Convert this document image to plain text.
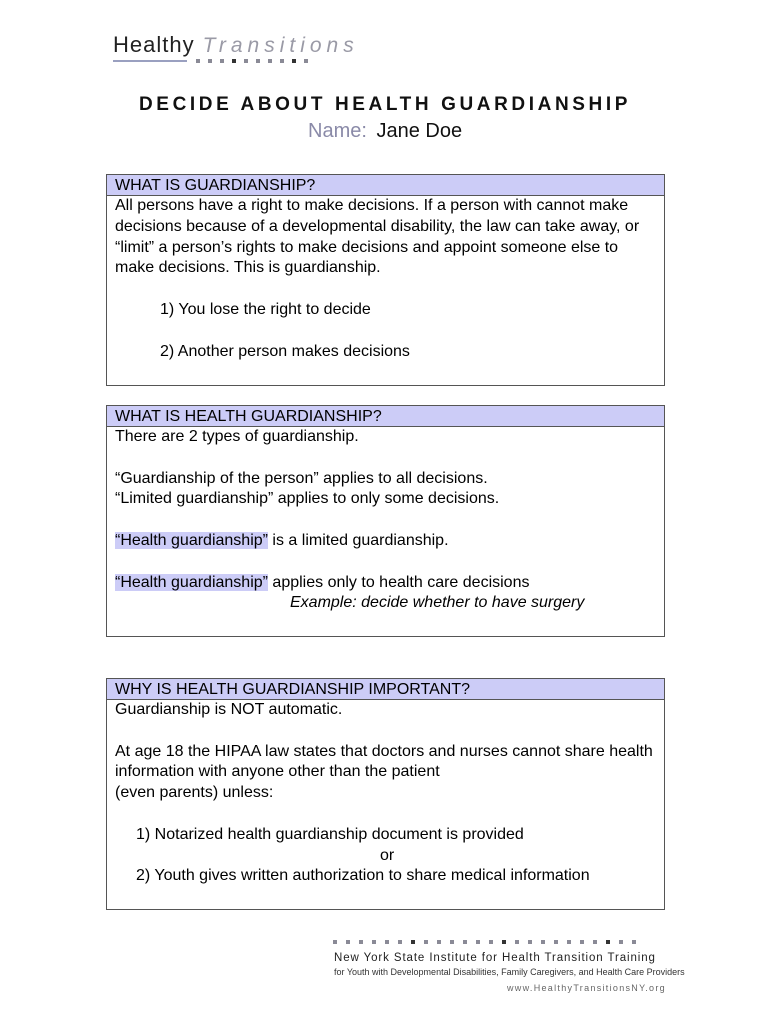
Healthy Transitions
DECIDE ABOUT HEALTH GUARDIANSHIP
Name: Jane Doe
WHAT IS GUARDIANSHIP?

All persons have a right to make decisions. If a person with cannot make decisions because of a developmental disability, the law can take away, or “limit” a person’s rights to make decisions and appoint someone else to make decisions. This is guardianship.

1) You lose the right to decide

2) Another person makes decisions

WHAT IS HEALTH GUARDIANSHIP?

There are 2 types of guardianship.

“Guardianship of the person” applies to all decisions.

“Limited guardianship” applies to only some decisions.

“Health guardianship” is a limited guardianship.

“Health guardianship” applies only to health care decisions

Example: decide whether to have surgery

WHY IS HEALTH GUARDIANSHIP IMPORTANT?

Guardianship is NOT automatic.

At age 18 the HIPAA law states that doctors and nurses cannot share health information with anyone other than the patient

(even parents) unless:

1) Notarized health guardianship document is provided

or

2) Youth gives written authorization to share medical information

New York State Institute for Health Transition Training
for Youth with Developmental Disabilities, Family Caregivers, and Health Care Providers
www.HealthyTransitionsNY.org
